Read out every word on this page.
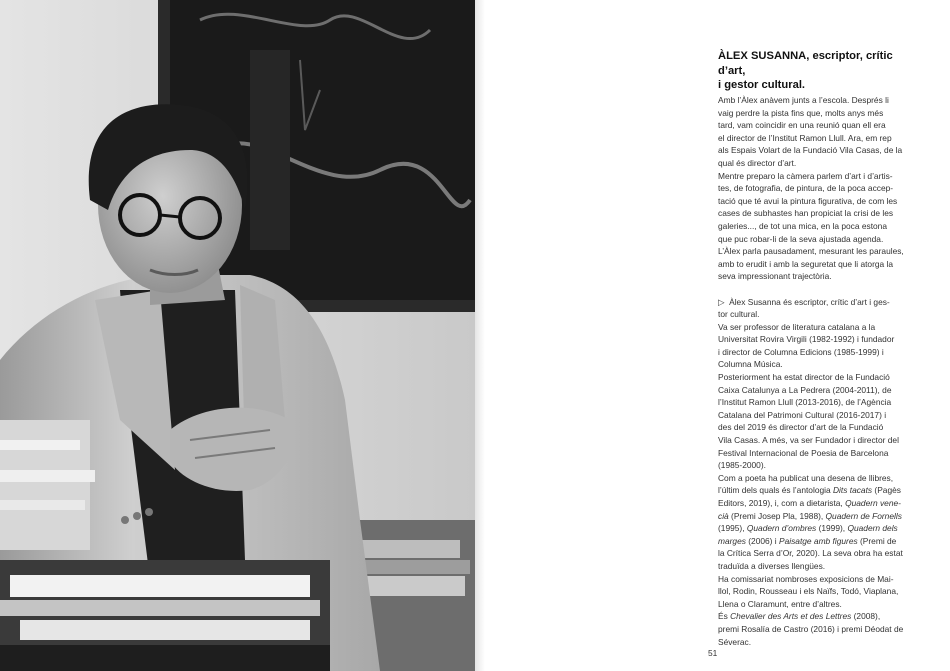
ÀLEX SUSANNA, escriptor, crític d’art,
i gestor cultural.
Amb l’Àlex anàvem junts a l’escola. Després li
vaig perdre la pista fins que, molts anys més
tard, vam coincidir en una reunió quan ell era
el director de l’Institut Ramon Llull. Ara, em rep
als Espais Volart de la Fundació Vila Casas, de la
qual és director d’art.
Mentre preparo la càmera parlem d’art i d’artis-
tes, de fotografia, de pintura, de la poca accep-
tació que té avui la pintura figurativa, de com les
cases de subhastes han propiciat la crisi de les
galeries..., de tot una mica, en la poca estona
que puc robar-li de la seva ajustada agenda.
L’Àlex parla pausadament, mesurant les paraules,
amb to erudit i amb la seguretat que li atorga la
seva impressionant trajectòria.
▷ Àlex Susanna és escriptor, crític d’art i ges-
tor cultural.
Va ser professor de literatura catalana a la
Universitat Rovira Virgili (1982-1992) i fundador
i director de Columna Edicions (1985-1999) i
Columna Música.
Posteriorment ha estat director de la Fundació
Caixa Catalunya a La Pedrera (2004-2011), de
l’Institut Ramon Llull (2013-2016), de l’Agència
Catalana del Patrimoni Cultural (2016-2017) i
des del 2019 és director d’art de la Fundació
Vila Casas. A més, va ser Fundador i director del
Festival Internacional de Poesia de Barcelona
(1985-2000).
Com a poeta ha publicat una desena de llibres,
l’últim dels quals és l’antologia Dits tacats (Pagès
Editors, 2019), i, com a dietarista, Quadern vene-
cià (Premi Josep Pla, 1988), Quadern de Fornells
(1995), Quadern d’ombres (1999), Quadern dels
marges (2006) i Paisatge amb figures (Premi de
la Crítica Serra d’Or, 2020). La seva obra ha estat
traduïda a diverses llengües.
Ha comissariat nombroses exposicions de Mai-
llol, Rodin, Rousseau i els Naïfs, Todó, Viaplana,
Llena o Claramunt, entre d’altres.
És Chevalier des Arts et des Lettres (2008),
premi Rosalía de Castro (2016) i premi Déodat de
Séverac.
51
